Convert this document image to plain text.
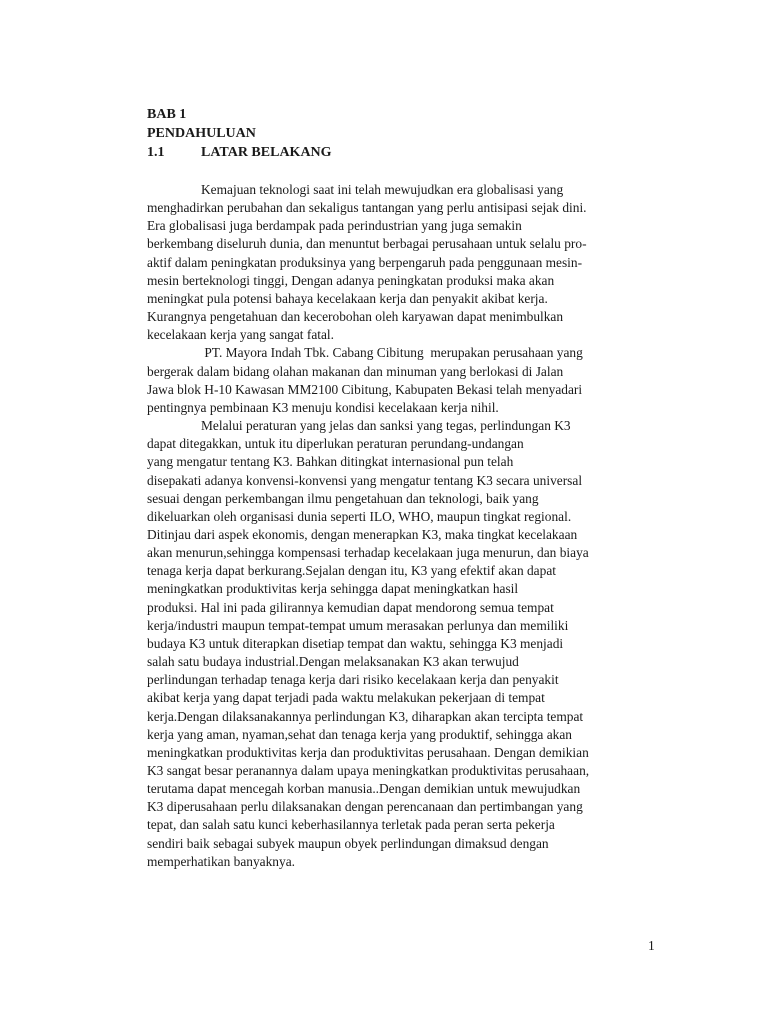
BAB 1
PENDAHULUAN
1.1	LATAR BELAKANG
Kemajuan teknologi saat ini telah mewujudkan era globalisasi yang
menghadirkan perubahan dan sekaligus tantangan yang perlu antisipasi sejak dini.
Era globalisasi juga berdampak pada perindustrian yang juga semakin
berkembang diseluruh dunia, dan menuntut berbagai perusahaan untuk selalu pro-
aktif dalam peningkatan produksinya yang berpengaruh pada penggunaan mesin-
mesin berteknologi tinggi, Dengan adanya peningkatan produksi maka akan
meningkat pula potensi bahaya kecelakaan kerja dan penyakit akibat kerja.
Kurangnya pengetahuan dan kecerobohan oleh karyawan dapat menimbulkan
kecelakaan kerja yang sangat fatal.
PT. Mayora Indah Tbk. Cabang Cibitung  merupakan perusahaan yang
bergerak dalam bidang olahan makanan dan minuman yang berlokasi di Jalan
Jawa blok H-10 Kawasan MM2100 Cibitung, Kabupaten Bekasi telah menyadari
pentingnya pembinaan K3 menuju kondisi kecelakaan kerja nihil.
Melalui peraturan yang jelas dan sanksi yang tegas, perlindungan K3
dapat ditegakkan, untuk itu diperlukan peraturan perundang-undangan
yang mengatur tentang K3. Bahkan ditingkat internasional pun telah
disepakati adanya konvensi-konvensi yang mengatur tentang K3 secara universal
sesuai dengan perkembangan ilmu pengetahuan dan teknologi, baik yang
dikeluarkan oleh organisasi dunia seperti ILO, WHO, maupun tingkat regional.
Ditinjau dari aspek ekonomis, dengan menerapkan K3, maka tingkat kecelakaan
akan menurun,sehingga kompensasi terhadap kecelakaan juga menurun, dan biaya
tenaga kerja dapat berkurang.Sejalan dengan itu, K3 yang efektif akan dapat
meningkatkan produktivitas kerja sehingga dapat meningkatkan hasil
produksi. Hal ini pada gilirannya kemudian dapat mendorong semua tempat
kerja/industri maupun tempat-tempat umum merasakan perlunya dan memiliki
budaya K3 untuk diterapkan disetiap tempat dan waktu, sehingga K3 menjadi
salah satu budaya industrial.Dengan melaksanakan K3 akan terwujud
perlindungan terhadap tenaga kerja dari risiko kecelakaan kerja dan penyakit
akibat kerja yang dapat terjadi pada waktu melakukan pekerjaan di tempat
kerja.Dengan dilaksanakannya perlindungan K3, diharapkan akan tercipta tempat
kerja yang aman, nyaman,sehat dan tenaga kerja yang produktif, sehingga akan
meningkatkan produktivitas kerja dan produktivitas perusahaan. Dengan demikian
K3 sangat besar peranannya dalam upaya meningkatkan produktivitas perusahaan,
terutama dapat mencegah korban manusia..Dengan demikian untuk mewujudkan
K3 diperusahaan perlu dilaksanakan dengan perencanaan dan pertimbangan yang
tepat, dan salah satu kunci keberhasilannya terletak pada peran serta pekerja
sendiri baik sebagai subyek maupun obyek perlindungan dimaksud dengan
memperhatikan banyaknya.
1
